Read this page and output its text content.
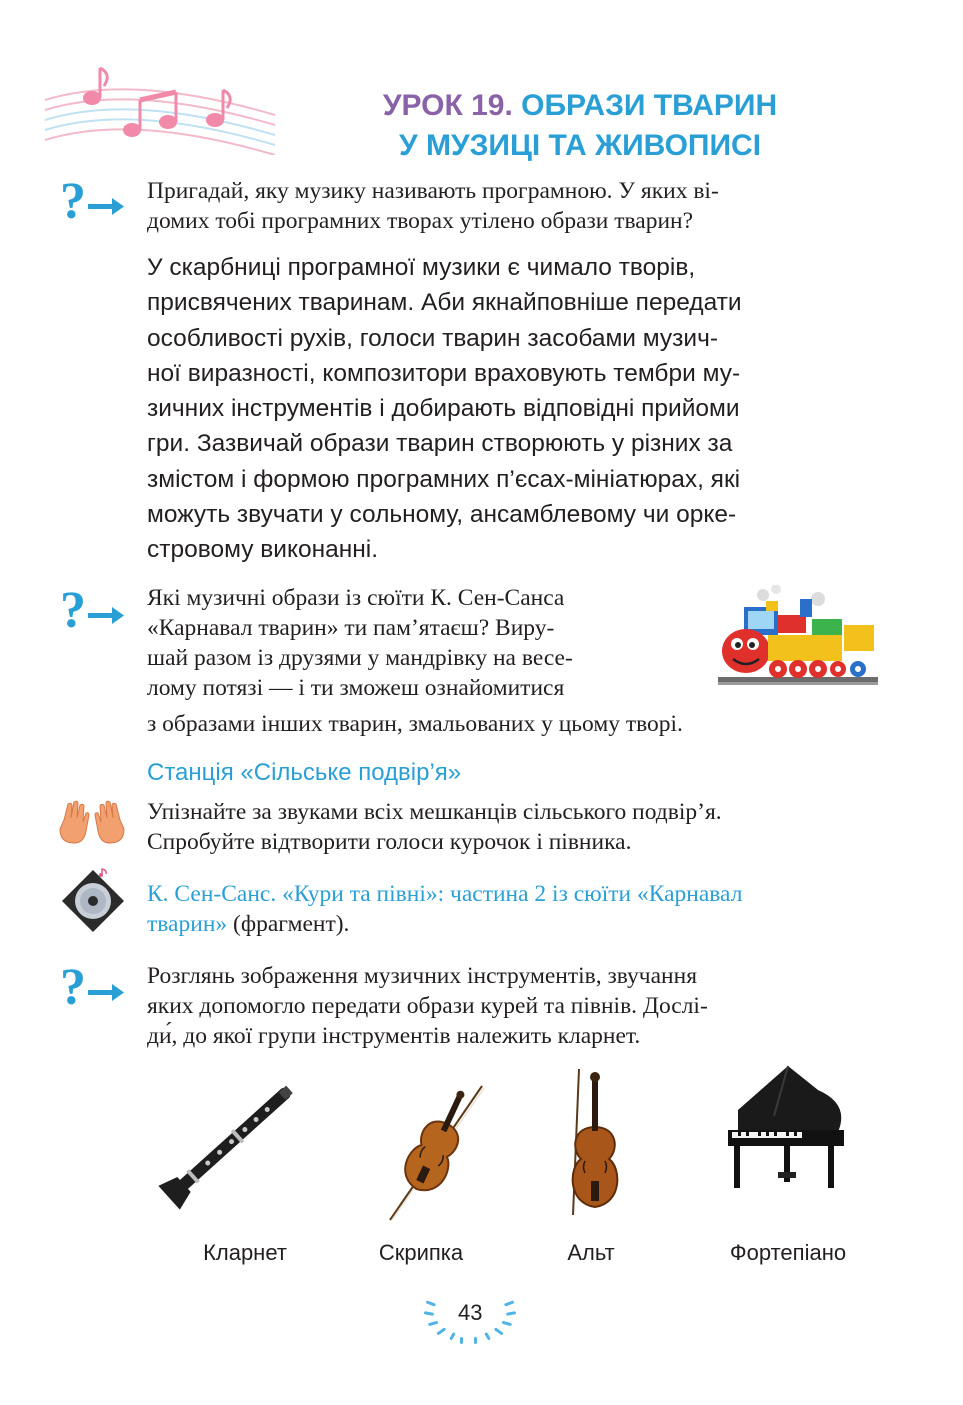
УРОК 19. ОБРАЗИ ТВАРИН
У МУЗИЦІ ТА ЖИВОПИСІ
?	Пригадай, яку музику називають програмною. У яких ві-
домих тобі програмних творах утілено образи тварин?
У скарбниці програмної музики є чимало творів,
присвячених тваринам. Аби якнайповніше передати
особливості рухів, голоси тварин засобами музич-
ної виразності, композитори враховують тембри му-
зичних інструментів і добирають відповідні прийоми
гри. Зазвичай образи тварин створюють у різних за
змістом і формою програмних п’єсах-мініатюрах, які
можуть звучати у сольному, ансамблевому чи орке-
стровому виконанні.
?	Які музичні образи із сюїти К. Сен-Санса
«Карнавал тварин» ти пам’ятаєш? Виру-
шай разом із друзями у мандрівку на весе-
лому потязі — і ти зможеш ознайомитися
з образами інших тварин, змальованих у цьому творі.
Станція «Сільське подвір’я»
Упізнайте за звуками всіх мешканців сільського подвір’я.
Спробуйте відтворити голоси курочок і півника.
К. Сен-Санс. «Кури та півні»: частина 2 із сюїти «Карнавал
тварин» (фрагмент).
?	Розглянь зображення музичних інструментів, звучання
яких допомогло передати образи курей та півнів. Дослі-
ди́, до якої групи інструментів належить кларнет.
Кларнет	Скрипка	Альт	Фортепіано
43
